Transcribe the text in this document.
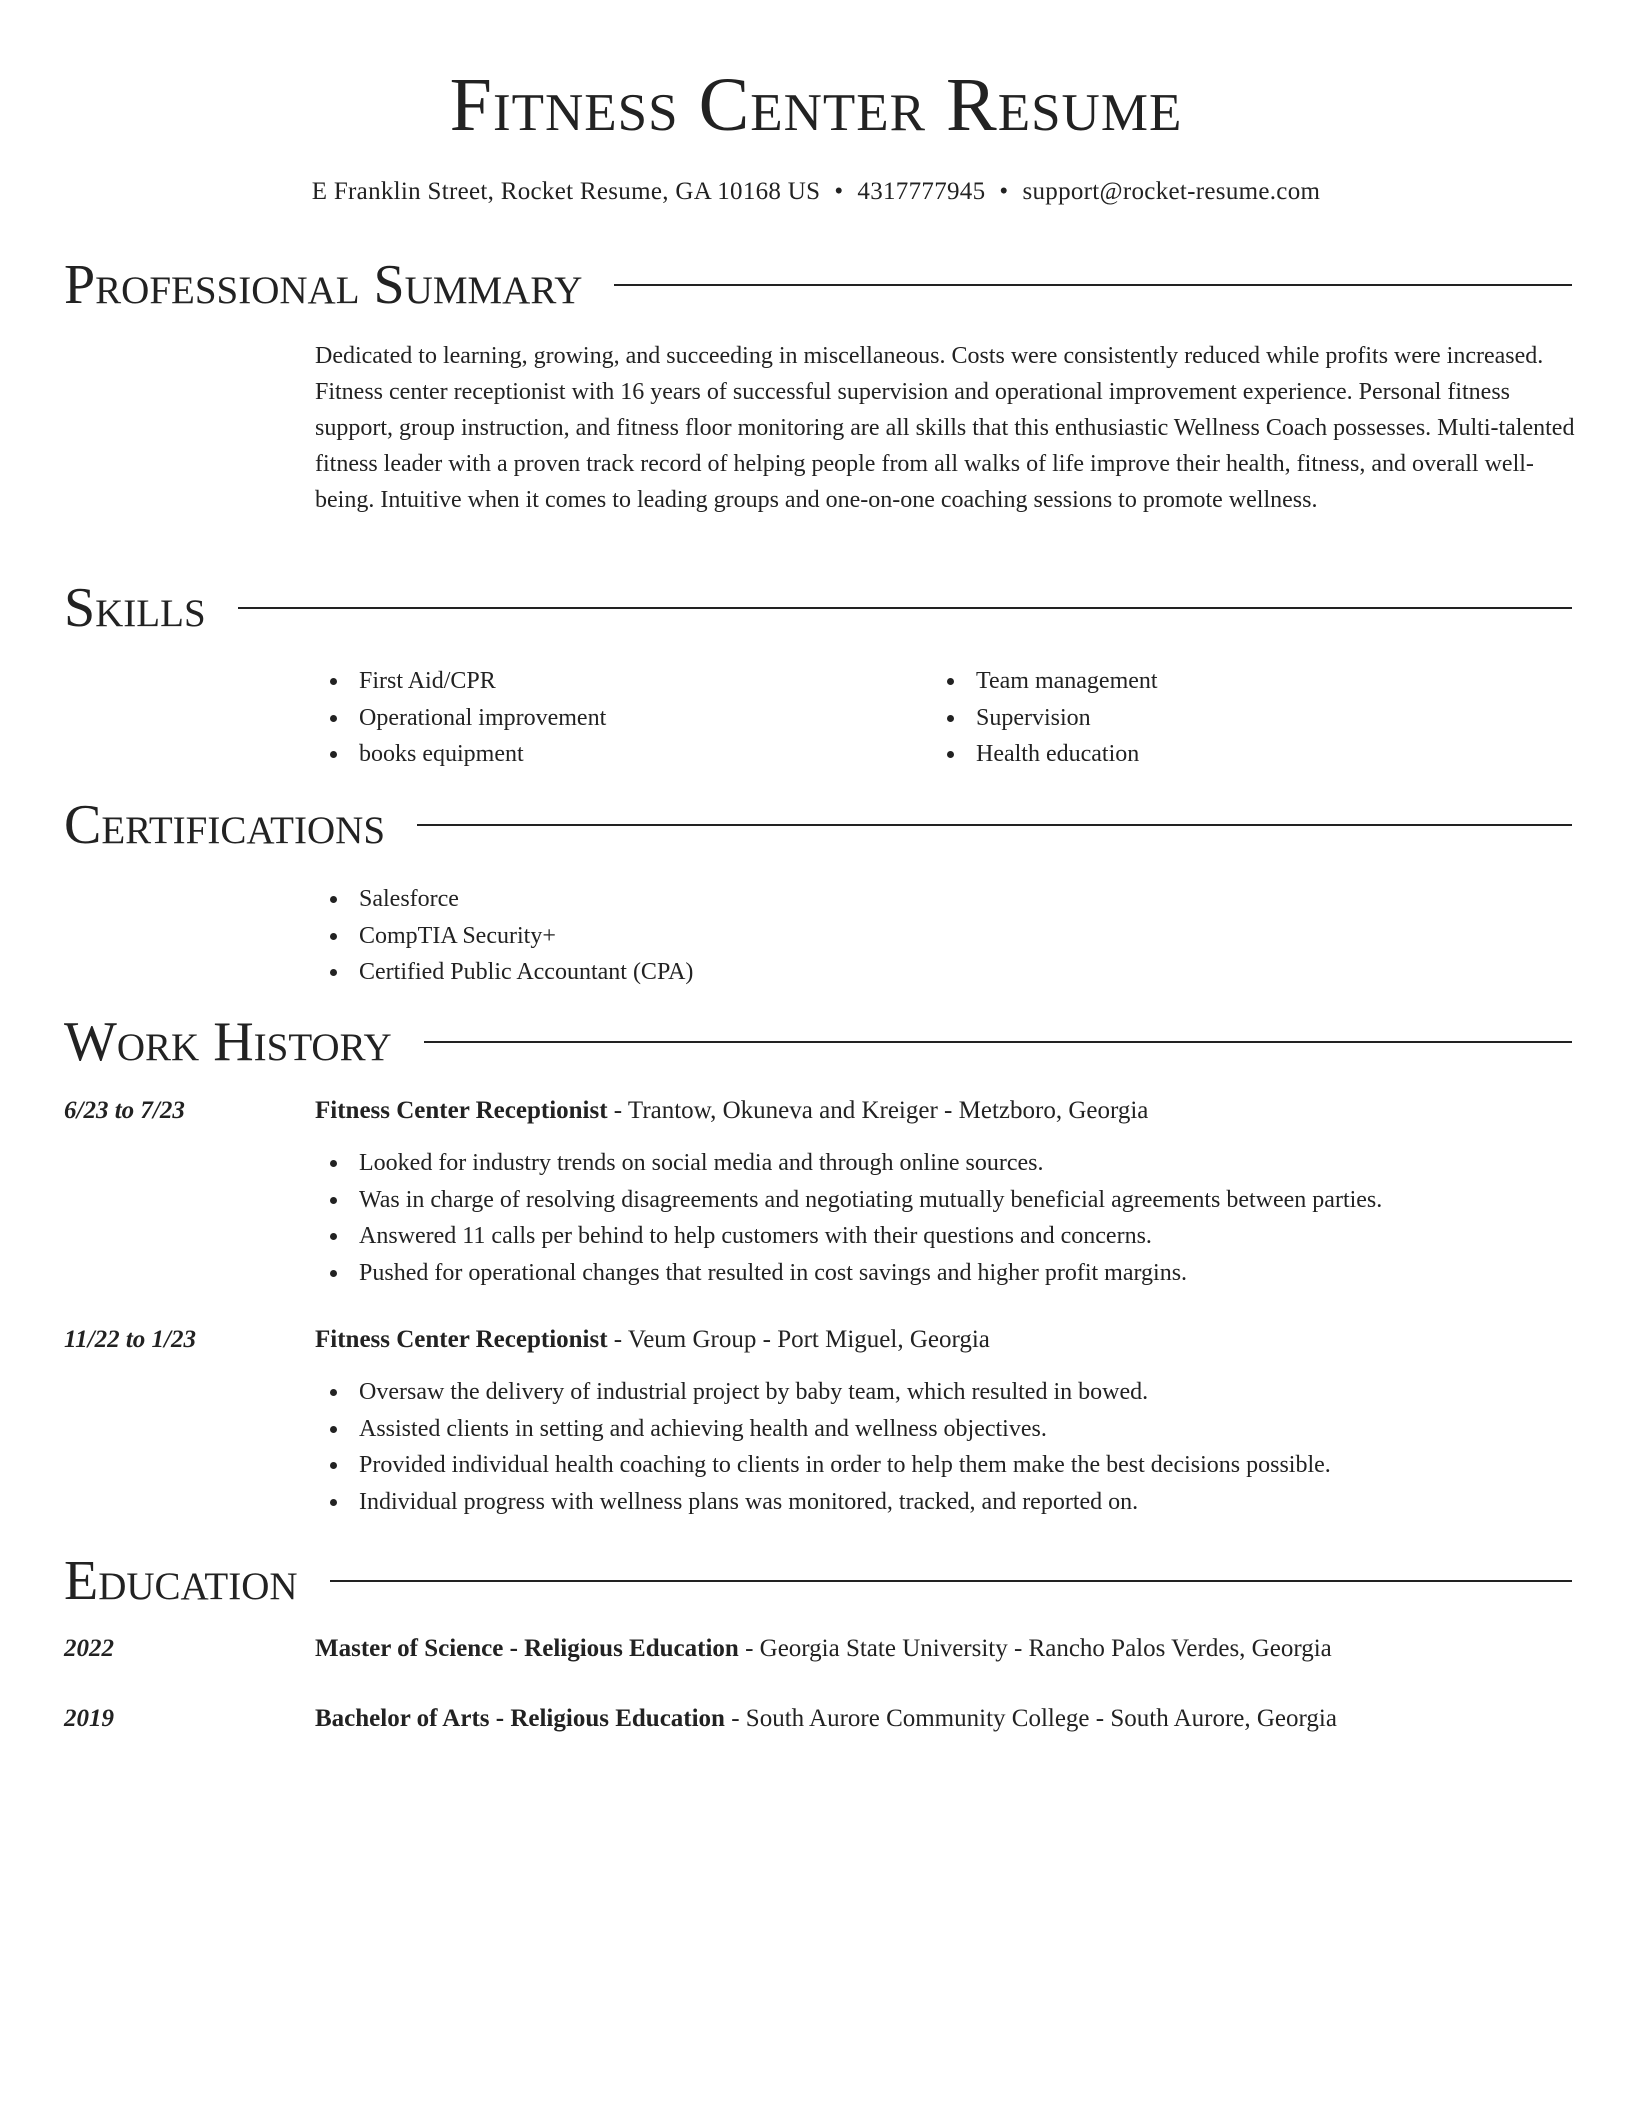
Fitness Center Resume
E Franklin Street, Rocket Resume, GA 10168 US • 4317777945 • support@rocket-resume.com
Professional Summary

Dedicated to learning, growing, and succeeding in miscellaneous. Costs were consistently reduced while profits were increased. Fitness center receptionist with 16 years of successful supervision and operational improvement experience. Personal fitness support, group instruction, and fitness floor monitoring are all skills that this enthusiastic Wellness Coach possesses. Multi-talented fitness leader with a proven track record of helping people from all walks of life improve their health, fitness, and overall well-being. Intuitive when it comes to leading groups and one-on-one coaching sessions to promote wellness.

Skills
First Aid/CPR
Operational improvement
books equipment
Team management
Supervision
Health education
Certifications
Salesforce
CompTIA Security+
Certified Public Accountant (CPA)
Work History
6/23 to 7/23	Fitness Center Receptionist - Trantow, Okuneva and Kreiger - Metzboro, Georgia
Looked for industry trends on social media and through online sources.
Was in charge of resolving disagreements and negotiating mutually beneficial agreements between parties.
Answered 11 calls per behind to help customers with their questions and concerns.
Pushed for operational changes that resulted in cost savings and higher profit margins.
11/22 to 1/23	Fitness Center Receptionist - Veum Group - Port Miguel, Georgia
Oversaw the delivery of industrial project by baby team, which resulted in bowed.
Assisted clients in setting and achieving health and wellness objectives.
Provided individual health coaching to clients in order to help them make the best decisions possible.
Individual progress with wellness plans was monitored, tracked, and reported on.
Education
2022	Master of Science - Religious Education - Georgia State University - Rancho Palos Verdes, Georgia
2019	Bachelor of Arts - Religious Education - South Aurore Community College - South Aurore, Georgia
